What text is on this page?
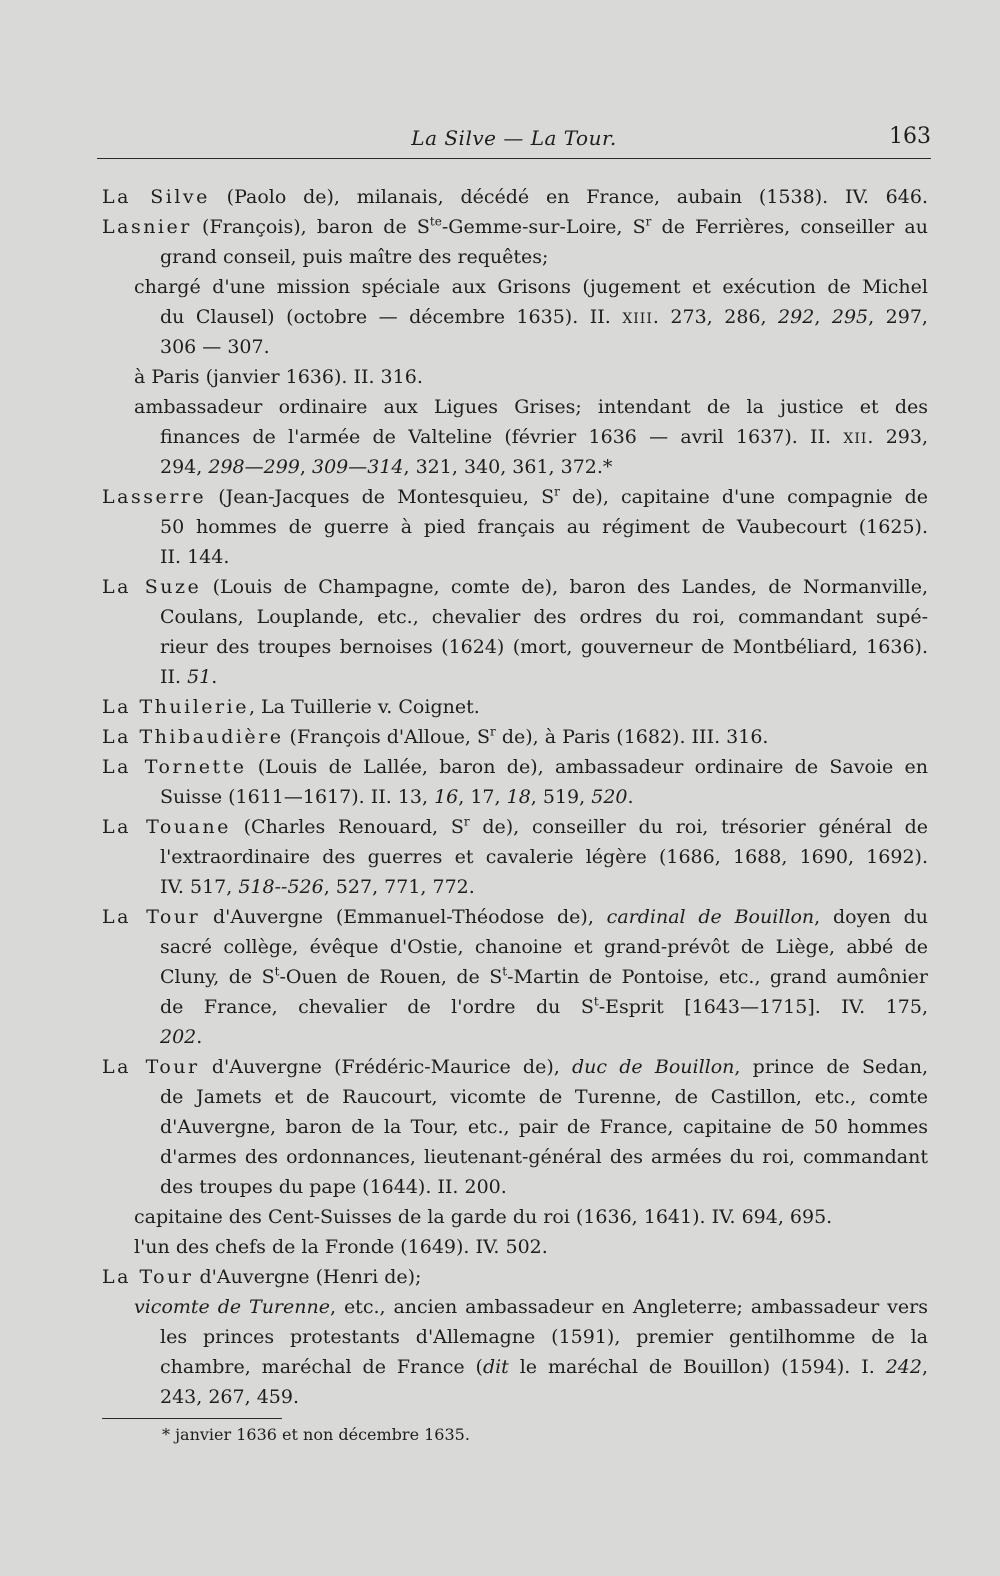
La Silve — La Tour.	163
La Silve (Paolo de), milanais, décédé en France, aubain (1538). IV. 646.
Lasnier (François), baron de $S^{te}-Gemme-sur$-Loire, $S^r$ de Ferrières, conseiller au
grand conseil, puis maître des requêtes;
chargé d'une mission spéciale aux Grisons (jugement et exécution de Michel
du Clausel) (octobre — décembre 1635). II. XIII. 273, 286, 292, 295, 297,
306 — 307.
à Paris (janvier 1636). II. 316.
ambassadeur ordinaire aux Ligues Grises; intendant de la justice et des
finances de l'armée de Valteline (février 1636 — avril 1637). II. XII. 293,
294, 298—299, 309—314, 321, 340, 361, 372.*
Lasserre (Jean-Jacques de Montesquieu, $S^r$ de), capitaine d'une compagnie de
50 hommes de guerre à pied français au régiment de Vaubecourt (1625).
II. 144.
La Suze (Louis de Champagne, comte de), baron des Landes, de Normanville,
Coulans, Louplande, etc., chevalier des ordres du roi, commandant supé-
rieur des troupes bernoises (1624) (mort, gouverneur de Montbéliard, 1636).
II. 51.
La Thuilerie, La Tuillerie v. Coignet.
La Thibaudière (François d'Alloue, $S^r$ de), à Paris (1682). III. 316.
La Tornette (Louis de Lallée, baron de), ambassadeur ordinaire de Savoie en
Suisse (1611—1617). II. 13, 16, 17, 18, 519, 520.
La Touane (Charles Renouard, $S^r$ de), conseiller du roi, trésorier général de
l'extraordinaire des guerres et cavalerie légère (1686, 1688, 1690, 1692).
IV. 517, 518--526, 527, 771, 772.
La Tour d'Auvergne (Emmanuel-Théodose de), cardinal de Bouillon, doyen du
sacré collège, évêque d'Ostie, chanoine et grand-prévôt de Liège, abbé de
Cluny, de $S^t$-Ouen de Rouen, de $S^t$-Martin de Pontoise, etc., grand aumônier
de France, chevalier de l'ordre du $S^t$-Esprit [1643—1715]. IV. 175,
202.
La Tour d'Auvergne (Frédéric-Maurice de), duc de Bouillon, prince de Sedan,
de Jamets et de Raucourt, vicomte de Turenne, de Castillon, etc., comte
d'Auvergne, baron de la Tour, etc., pair de France, capitaine de 50 hommes
d'armes des ordonnances, lieutenant-général des armées du roi, commandant
des troupes du pape (1644). II. 200.
capitaine des Cent-Suisses de la garde du roi (1636, 1641). IV. 694, 695.
l'un des chefs de la Fronde (1649). IV. 502.
La Tour d'Auvergne (Henri de);
vicomte de Turenne, etc., ancien ambassadeur en Angleterre; ambassadeur vers
les princes protestants d'Allemagne (1591), premier gentilhomme de la
chambre, maréchal de France (dit le maréchal de Bouillon) (1594). I. 242,
243, 267, 459.
* janvier 1636 et non décembre 1635.
